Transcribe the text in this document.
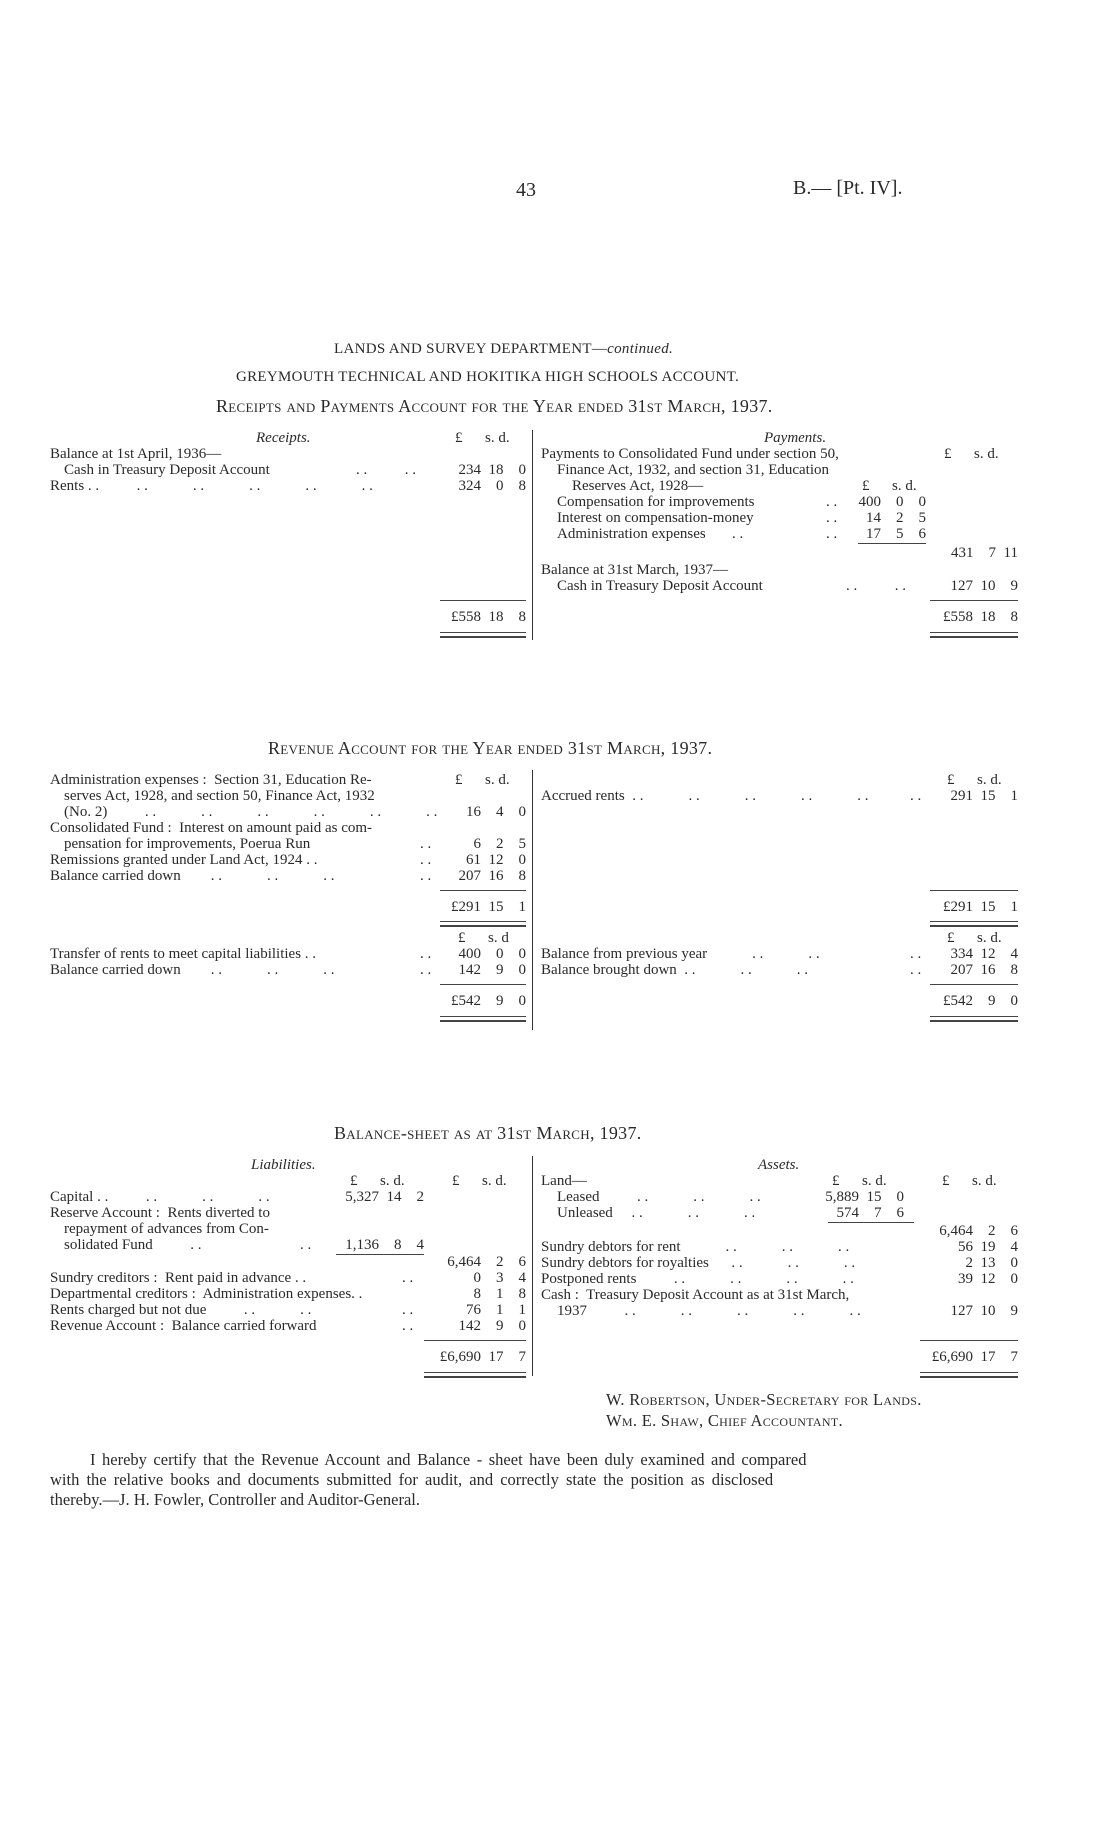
43	B.— [Pt. IV].
LANDS AND SURVEY DEPARTMENT—continued.
GREYMOUTH TECHNICAL AND HOKITIKA HIGH SCHOOLS ACCOUNT.
Receipts and Payments Account for the Year ended 31st March, 1937.
Receipts.	£      s. d.
Balance at 1st April, 1936—
Cash in Treasury Deposit Account	. .          . .	234  18    0
Rents . .          . .            . .            . .            . .            . .	324    0    8
Payments.
Payments to Consolidated Fund under section 50,	£      s. d.
Finance Act, 1932, and section 31, Education
Reserves Act, 1928—	£      s. d.
Compensation for improvements	. .	400    0    0
Interest on compensation-money	. .	14    2    5
Administration expenses       . .	. .	17    5    6
431    7  11
Balance at 31st March, 1937—
Cash in Treasury Deposit Account	. .          . .	127  10    9
£558  18    8	£558  18    8
Revenue Account for the Year ended 31st March, 1937.
Administration expenses :  Section 31, Education Re-	£      s. d.
serves Act, 1928, and section 50, Finance Act, 1932
(No. 2)          . .            . .            . .            . .            . .            . .	16    4    0
Consolidated Fund :  Interest on amount paid as com-
pensation for improvements, Poerua Run	. .	6    2    5
Remissions granted under Land Act, 1924 . .	. .	61  12    0
Balance carried down        . .            . .            . .	. .	207  16    8
£      s. d.
Accrued rents  . .            . .            . .            . .            . .	. .	291  15    1
£291  15    1	£291  15    1
£      s. d
Transfer of rents to meet capital liabilities . .	. .	400    0    0
Balance carried down        . .            . .            . .	. .	142    9    0
£      s. d.
Balance from previous year            . .            . .	. .	334  12    4
Balance brought down  . .            . .            . .	. .	207  16    8
£542    9    0	£542    9    0
Balance-sheet as at 31st March, 1937.
Liabilities.
£      s. d.	£      s. d.
Capital . .          . .            . .            . .	5,327  14    2
Reserve Account :  Rents diverted to
repayment of advances from Con-
solidated Fund          . .	. .	1,136    8    4
6,464    2    6
Sundry creditors :  Rent paid in advance . .	. .	0    3    4
Departmental creditors :  Administration expenses. .	8    1    8
Rents charged but not due          . .            . .	. .	76    1    1
Revenue Account :  Balance carried forward	. .	142    9    0
£6,690  17    7
Assets.
Land—	£      s. d.	£      s. d.
Leased          . .            . .            . .	5,889  15    0
Unleased     . .            . .            . .	574    7    6
6,464    2    6
Sundry debtors for rent            . .            . .            . .	56  19    4
Sundry debtors for royalties      . .            . .            . .	2  13    0
Postponed rents          . .            . .            . .            . .	39  12    0
Cash :  Treasury Deposit Account as at 31st March,
1937          . .            . .            . .            . .            . .	127  10    9
£6,690  17    7
W. Robertson, Under-Secretary for Lands.
Wm. E. Shaw, Chief Accountant.
I hereby certify that the Revenue Account and Balance - sheet have been duly examined and compared
with the relative books and documents submitted for audit, and correctly state the position as disclosed
thereby.—J. H. Fowler, Controller and Auditor-General.
